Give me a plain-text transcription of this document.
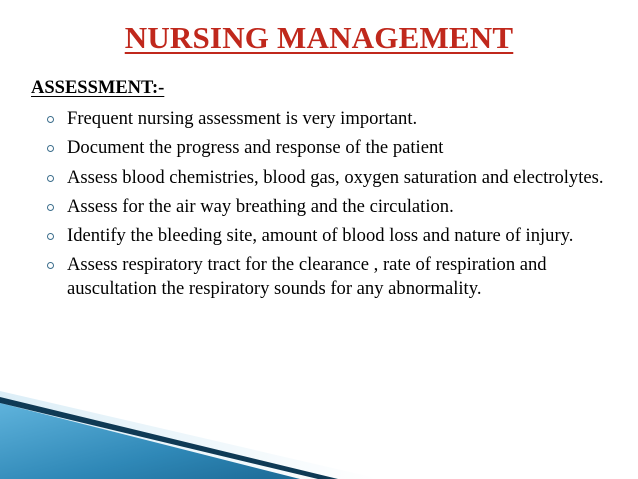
NURSING MANAGEMENT
ASSESSMENT:-
Frequent nursing assessment is very important.
Document the progress and response of the patient
Assess blood chemistries, blood gas, oxygen saturation and electrolytes.
Assess for the air way breathing and the circulation.
Identify the bleeding site, amount of blood loss and nature of injury.
Assess respiratory tract for the clearance , rate of respiration and auscultation the respiratory sounds for any abnormality.
